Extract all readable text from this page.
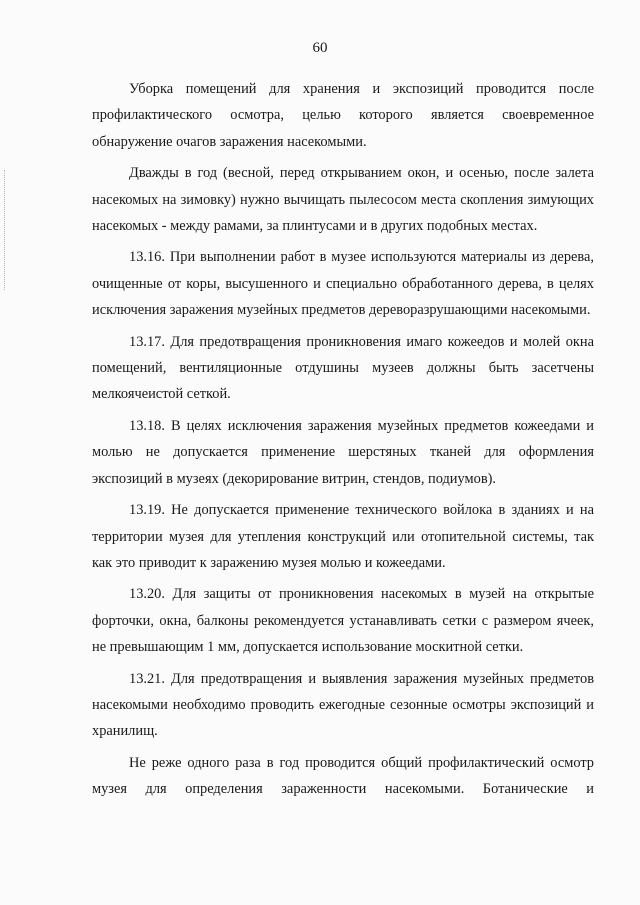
60

Уборка помещений для хранения и экспозиций проводится после профилактического осмотра, целью которого является своевременное обнаружение очагов заражения насекомыми.

Дважды в год (весной, перед открыванием окон, и осенью, после залета насекомых на зимовку) нужно вычищать пылесосом места скопления зимующих насекомых - между рамами, за плинтусами и в других подобных местах.

13.16. При выполнении работ в музее используются материалы из дерева, очищенные от коры, высушенного и специально обработанного дерева, в целях исключения заражения музейных предметов дереворазрушающими насекомыми.

13.17. Для предотвращения проникновения имаго кожеедов и молей окна помещений, вентиляционные отдушины музеев должны быть засетчены мелкоячеистой сеткой.

13.18. В целях исключения заражения музейных предметов кожеедами и молью не допускается применение шерстяных тканей для оформления экспозиций в музеях (декорирование витрин, стендов, подиумов).

13.19. Не допускается применение технического войлока в зданиях и на территории музея для утепления конструкций или отопительной системы, так как это приводит к заражению музея молью и кожеедами.

13.20. Для защиты от проникновения насекомых в музей на открытые форточки, окна, балконы рекомендуется устанавливать сетки с размером ячеек, не превышающим 1 мм, допускается использование москитной сетки.

13.21. Для предотвращения и выявления заражения музейных предметов насекомыми необходимо проводить ежегодные сезонные осмотры экспозиций и хранилищ.

Не реже одного раза в год проводится общий профилактический осмотр музея для определения зараженности насекомыми. Ботанические и
